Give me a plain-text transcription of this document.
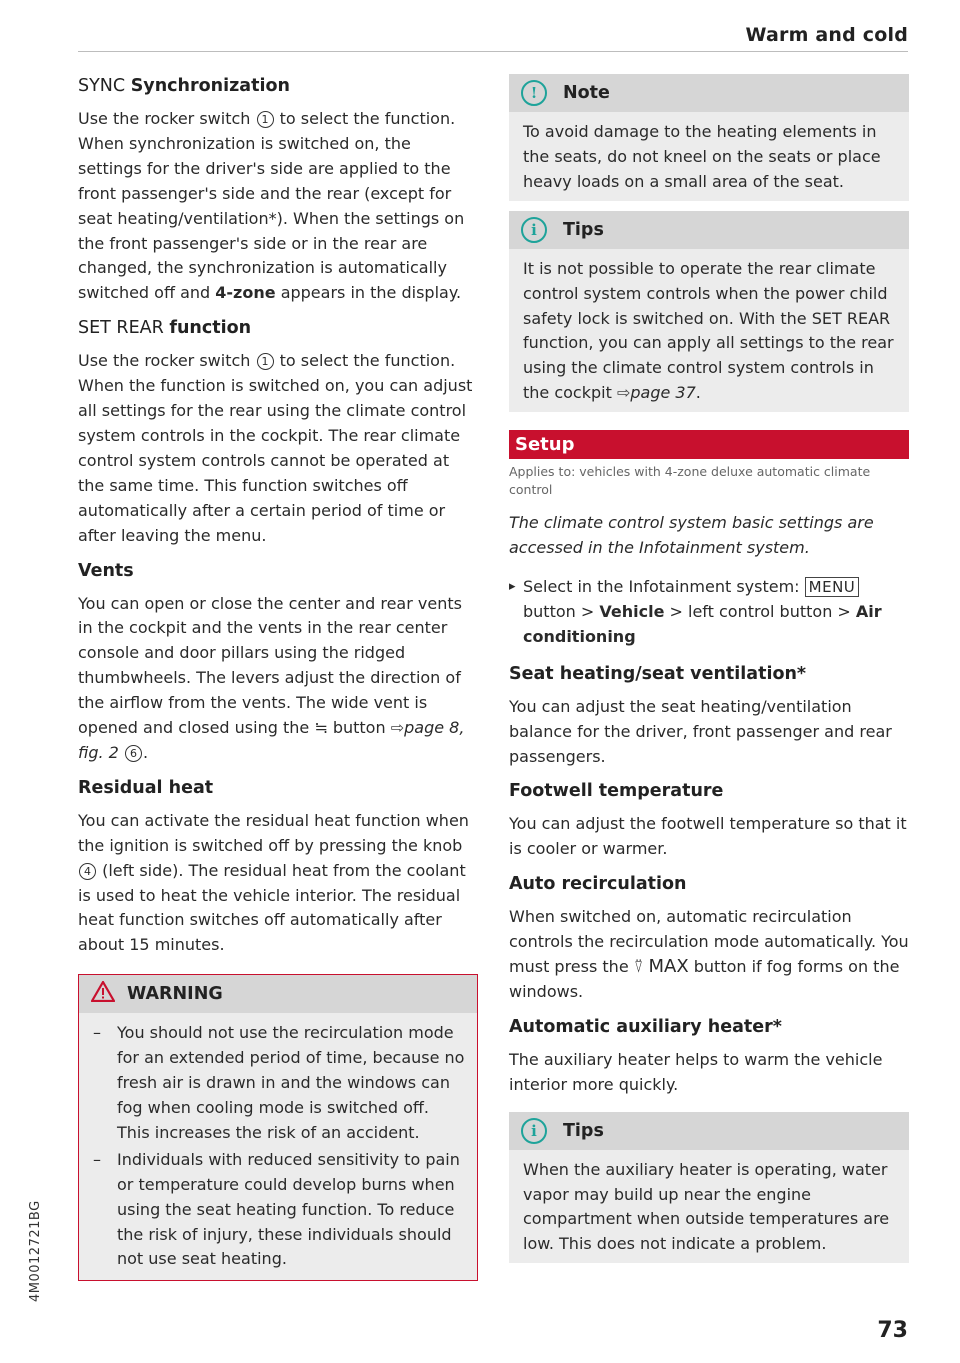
Warm and cold
4M0012721BG
SYNC Synchronization

Use the rocker switch 1 to select the function. When synchronization is switched on, the settings for the driver's side are applied to the front passenger's side and the rear (except for seat heating/ventilation*). When the settings on the front passenger's side or in the rear are changed, the synchronization is automatically switched off and 4-zone appears in the display.

SET REAR function

Use the rocker switch 1 to select the function. When the function is switched on, you can adjust all settings for the rear using the climate control system controls in the cockpit. The rear climate control system controls cannot be operated at the same time. This function switches off automatically after a certain period of time or after leaving the menu.

Vents

You can open or close the center and rear vents in the cockpit and the vents in the rear center console and door pillars using the ridged thumbwheels. The levers adjust the direction of the airflow from the vents. The wide vent is opened and closed using the ≒ button ⇨page 8, fig. 2 6 .

Residual heat

You can activate the residual heat function when the ignition is switched off by pressing the knob 4 (left side). The residual heat from the coolant is used to heat the vehicle interior. The residual heat function switches off automatically after about 15 minutes.

WARNING
– You should not use the recirculation mode for an extended period of time, because no fresh air is drawn in and the windows can fog when cooling mode is switched off. This increases the risk of an accident.
– Individuals with reduced sensitivity to pain or temperature could develop burns when using the seat heating function. To reduce the risk of injury, these individuals should not use seat heating.
!	Note

To avoid damage to the heating elements in the seats, do not kneel on the seats or place heavy loads on a small area of the seat.

i	Tips

It is not possible to operate the rear climate control system controls when the power child safety lock is switched on. With the SET REAR function, you can apply all settings to the rear using the climate control system controls in the cockpit ⇨page 37.

Setup
Applies to: vehicles with 4-zone deluxe automatic climate control

The climate control system basic settings are accessed in the Infotainment system.

▸ Select in the Infotainment system: MENU button > Vehicle > left control button > Air conditioning

Seat heating/seat ventilation*

You can adjust the seat heating/ventilation balance for the driver, front passenger and rear passengers.

Footwell temperature

You can adjust the footwell temperature so that it is cooler or warmer.

Auto recirculation

When switched on, automatic recirculation controls the recirculation mode automatically. You must press the ⍢ MAX button if fog forms on the windows.

Automatic auxiliary heater*

The auxiliary heater helps to warm the vehicle interior more quickly.

i	Tips

When the auxiliary heater is operating, water vapor may build up near the engine compartment when outside temperatures are low. This does not indicate a problem.

73
